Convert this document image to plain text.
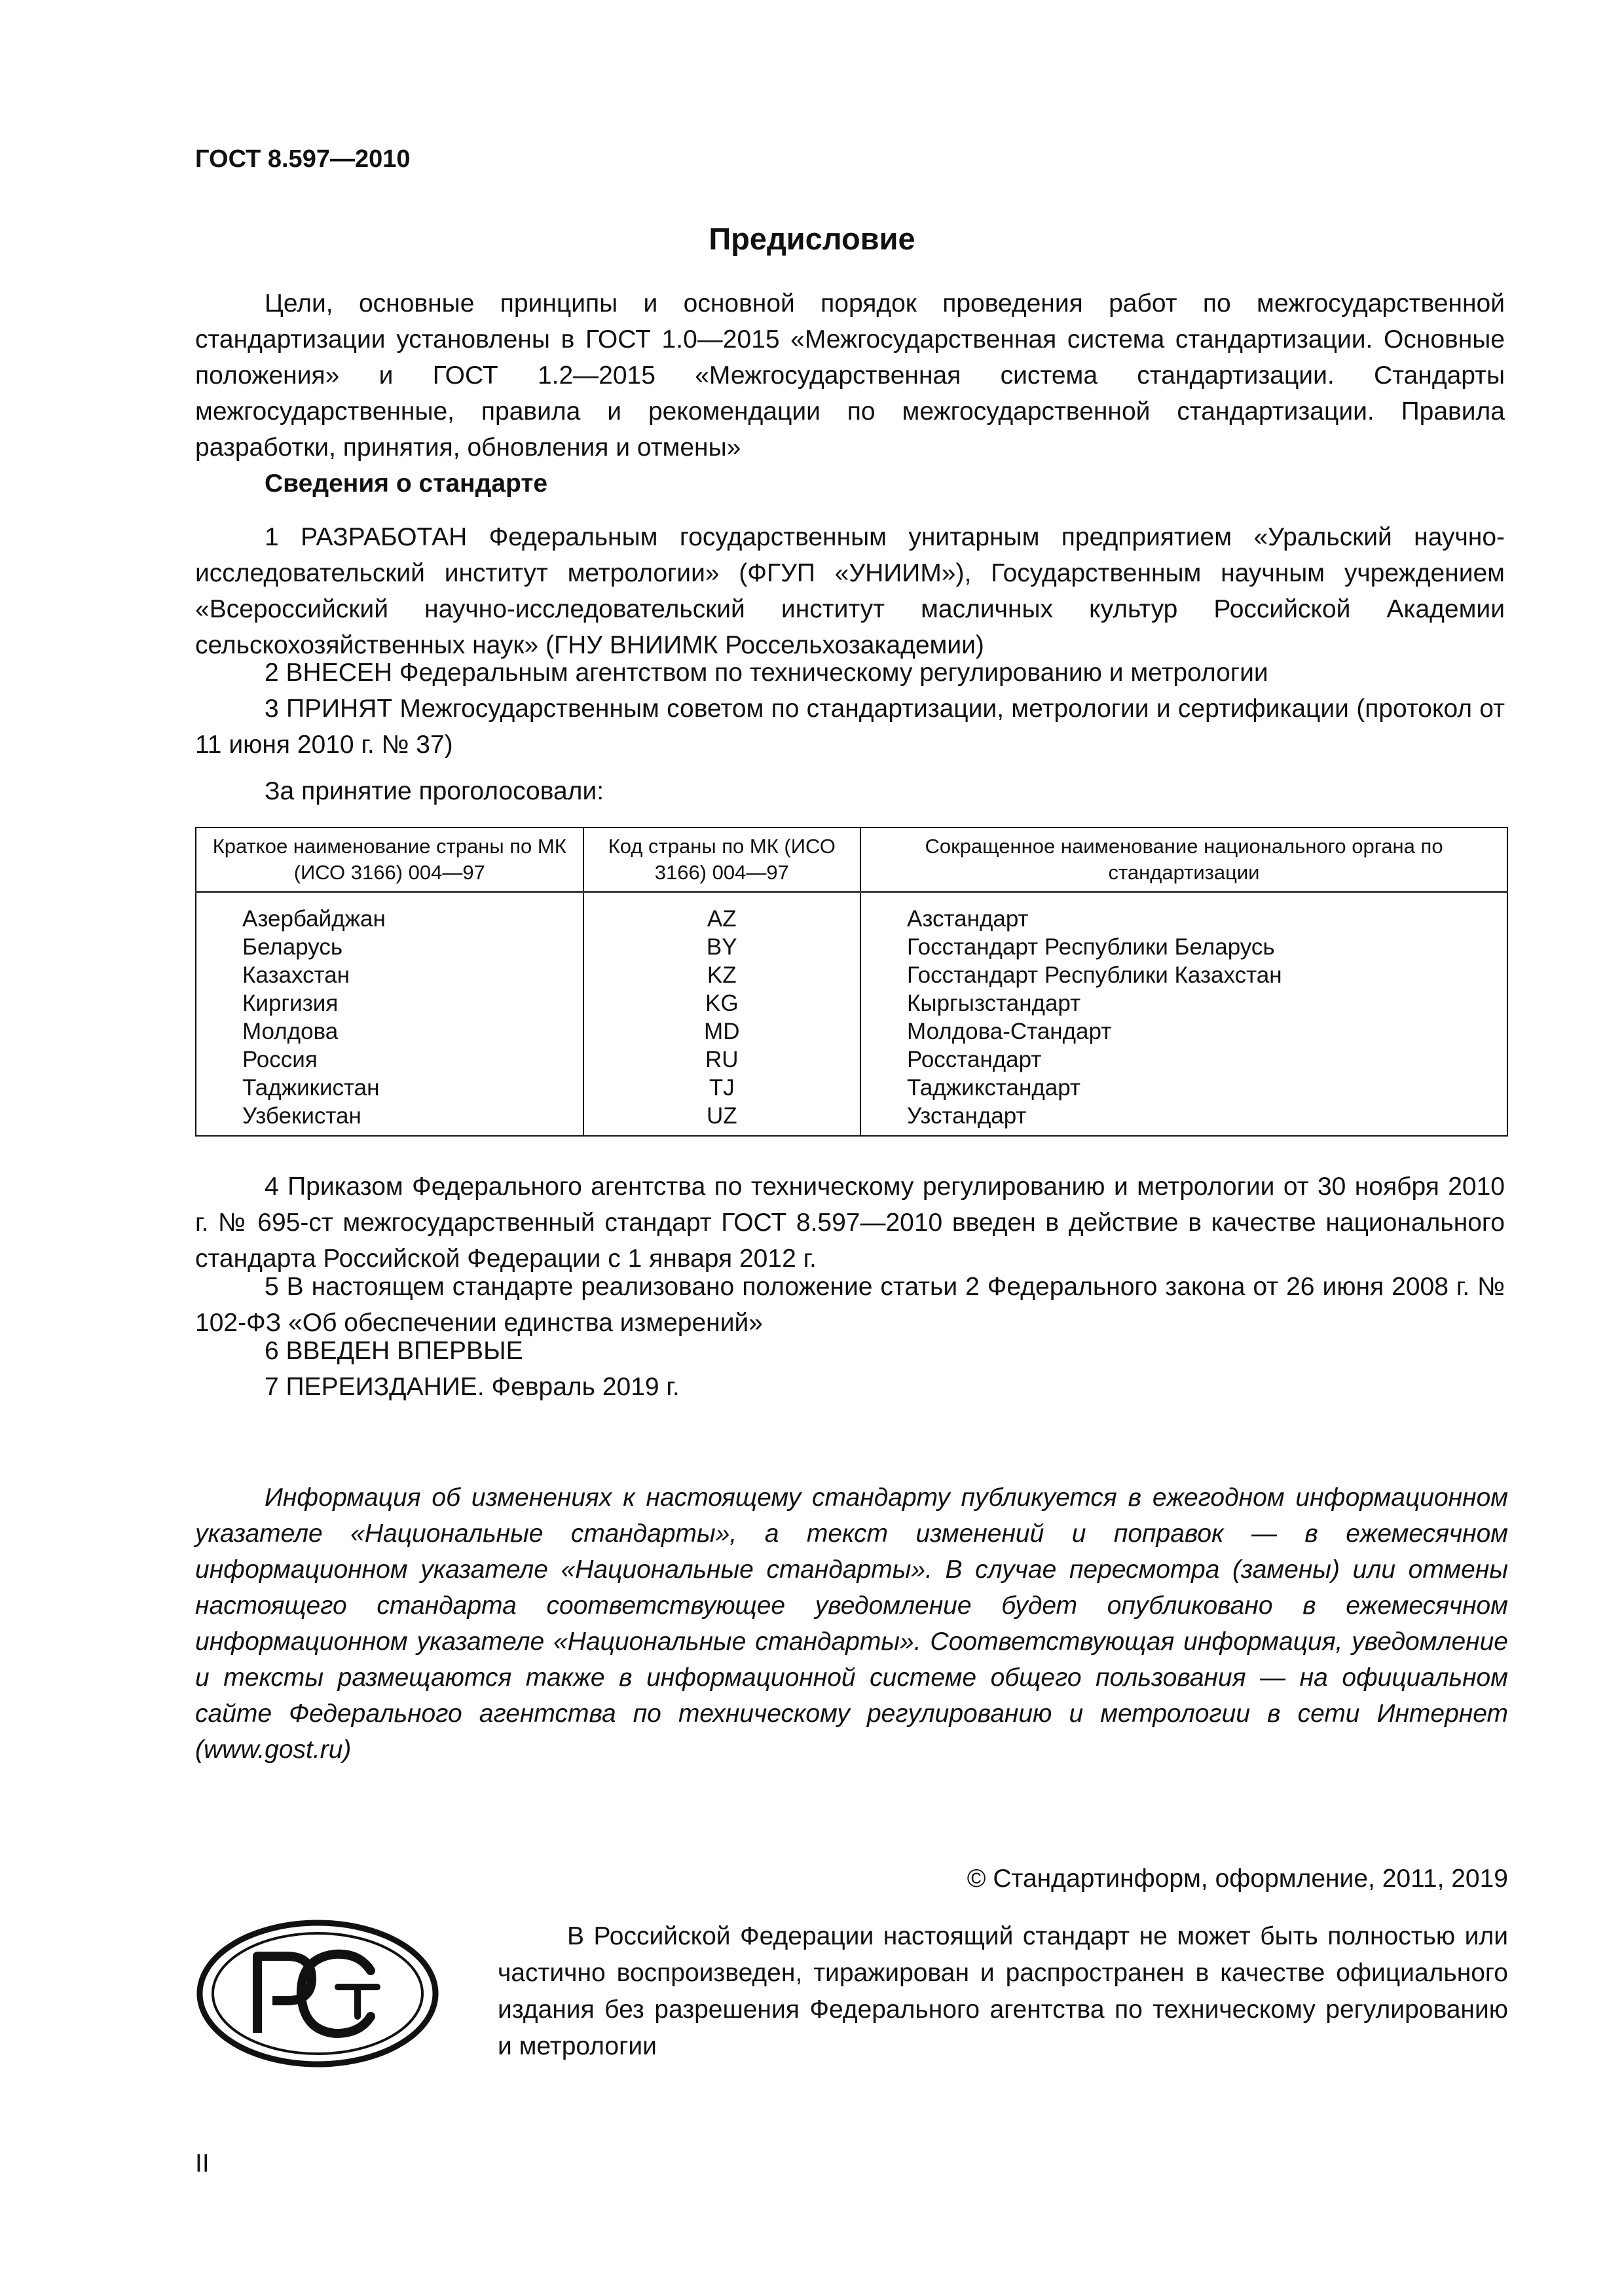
ГОСТ 8.597—2010
Предисловие

Цели, основные принципы и основной порядок проведения работ по межгосударственной стандартизации установлены в ГОСТ 1.0—2015 «Межгосударственная система стандартизации. Основные положения» и ГОСТ 1.2—2015 «Межгосударственная система стандартизации. Стандарты межгосударственные, правила и рекомендации по межгосударственной стандартизации. Правила разработки, принятия, обновления и отмены»

Сведения о стандарте

1 РАЗРАБОТАН Федеральным государственным унитарным предприятием «Уральский научно-исследовательский институт метрологии» (ФГУП «УНИИМ»), Государственным научным учреждением «Всероссийский научно-исследовательский институт масличных культур Российской Академии сельскохозяйственных наук» (ГНУ ВНИИМК Россельхозакадемии)

2 ВНЕСЕН Федеральным агентством по техническому регулированию и метрологии

3 ПРИНЯТ Межгосударственным советом по стандартизации, метрологии и сертификации (протокол от 11 июня 2010 г. № 37)

За принятие проголосовали:
Краткое наименование страны по МК (ИСО 3166) 004—97	Код страны по МК (ИСО 3166) 004—97	Сокращенное наименование национального органа по стандартизации
Азербайджан	AZ	Азстандарт
Беларусь	BY	Госстандарт Республики Беларусь
Казахстан	KZ	Госстандарт Республики Казахстан
Киргизия	KG	Кыргызстандарт
Молдова	MD	Молдова-Стандарт
Россия	RU	Росстандарт
Таджикистан	TJ	Таджикстандарт
Узбекистан	UZ	Узстандарт

4 Приказом Федерального агентства по техническому регулированию и метрологии от 30 ноября 2010 г. № 695-ст межгосударственный стандарт ГОСТ 8.597—2010 введен в действие в качестве национального стандарта Российской Федерации с 1 января 2012 г.

5 В настоящем стандарте реализовано положение статьи 2 Федерального закона от 26 июня 2008 г. № 102-ФЗ «Об обеспечении единства измерений»

6 ВВЕДЕН ВПЕРВЫЕ
7 ПЕРЕИЗДАНИЕ. Февраль 2019 г.

Информация об изменениях к настоящему стандарту публикуется в ежегодном информационном указателе «Национальные стандарты», а текст изменений и поправок — в ежемесячном информационном указателе «Национальные стандарты». В случае пересмотра (замены) или отмены настоящего стандарта соответствующее уведомление будет опубликовано в ежемесячном информационном указателе «Национальные стандарты». Соответствующая информация, уведомление и тексты размещаются также в информационной системе общего пользования — на официальном сайте Федерального агентства по техническому регулированию и метрологии в сети Интернет (www.gost.ru)

© Стандартинформ, оформление, 2011, 2019

В Российской Федерации настоящий стандарт не может быть полностью или частично воспроизведен, тиражирован и распространен в качестве официального издания без разрешения Федерального агентства по техническому регулированию и метрологии

II
